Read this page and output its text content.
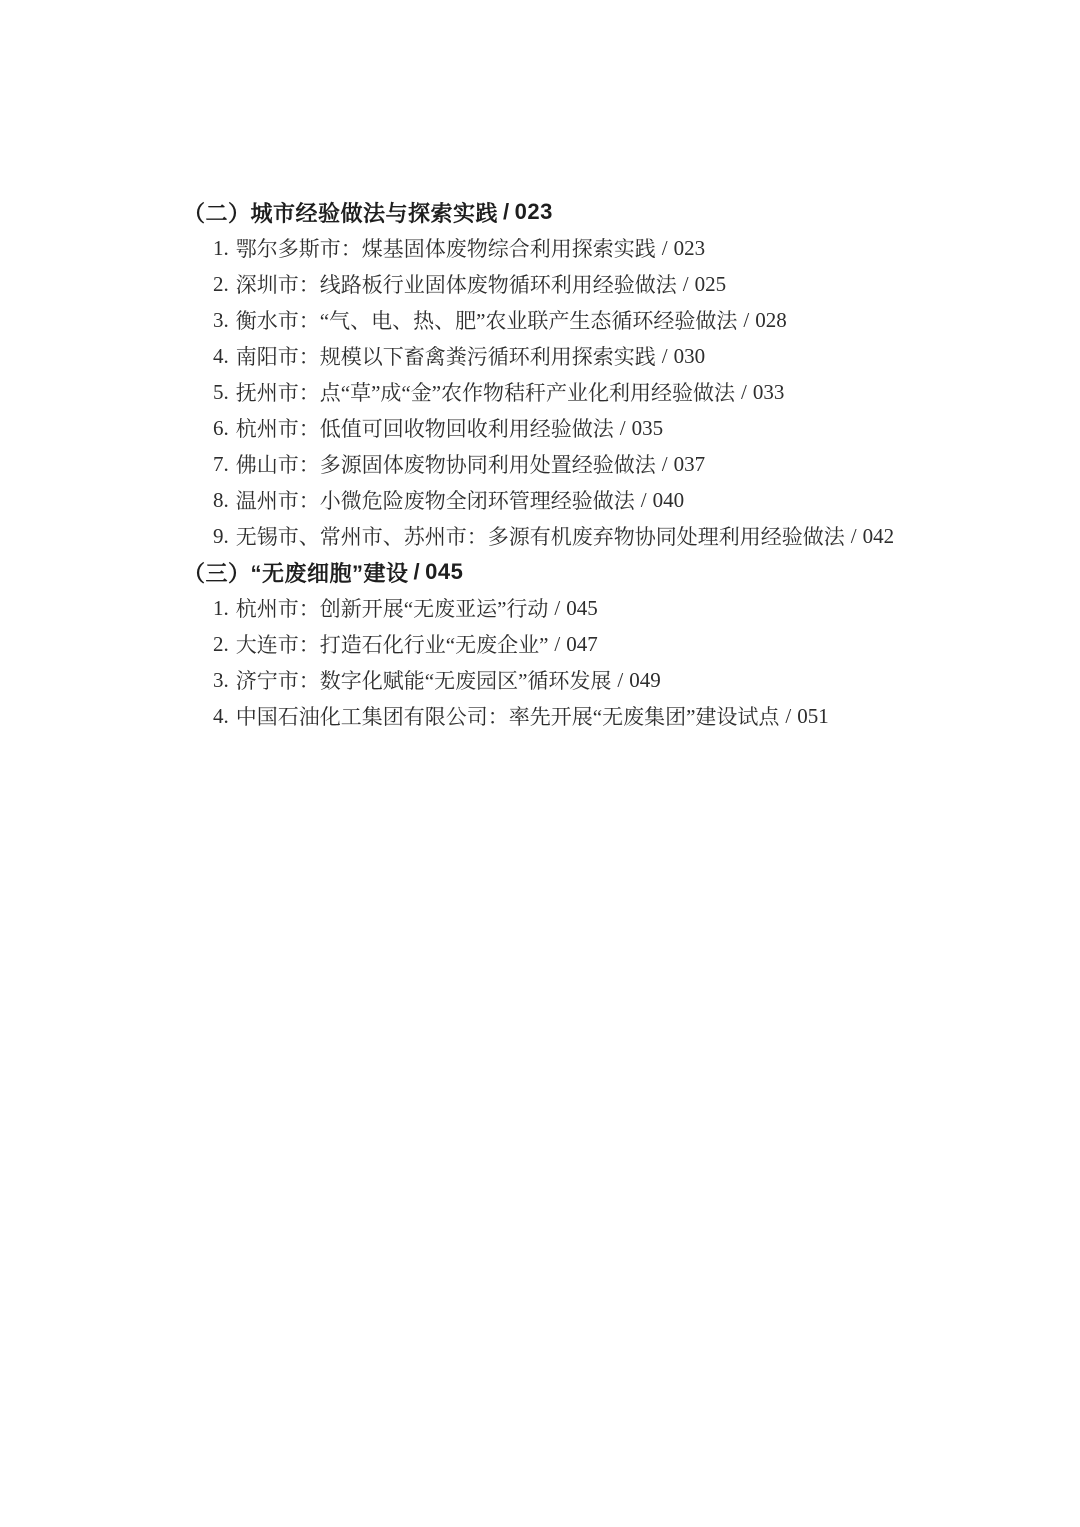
（二）城市经验做法与探索实践 / 023
1. 鄂尔多斯市：煤基固体废物综合利用探索实践 / 023
2. 深圳市：线路板行业固体废物循环利用经验做法 / 025
3. 衡水市：“气、电、热、肥”农业联产生态循环经验做法 / 028
4. 南阳市：规模以下畜禽粪污循环利用探索实践 / 030
5. 抚州市：点“草”成“金”农作物秸秆产业化利用经验做法 / 033
6. 杭州市：低值可回收物回收利用经验做法 / 035
7. 佛山市：多源固体废物协同利用处置经验做法 / 037
8. 温州市：小微危险废物全闭环管理经验做法 / 040
9. 无锡市、常州市、苏州市：多源有机废弃物协同处理利用经验做法 / 042
（三）“无废细胞”建设 / 045
1. 杭州市：创新开展“无废亚运”行动 / 045
2. 大连市：打造石化行业“无废企业” / 047
3. 济宁市：数字化赋能“无废园区”循环发展 / 049
4. 中国石油化工集团有限公司：率先开展“无废集团”建设试点 / 051
